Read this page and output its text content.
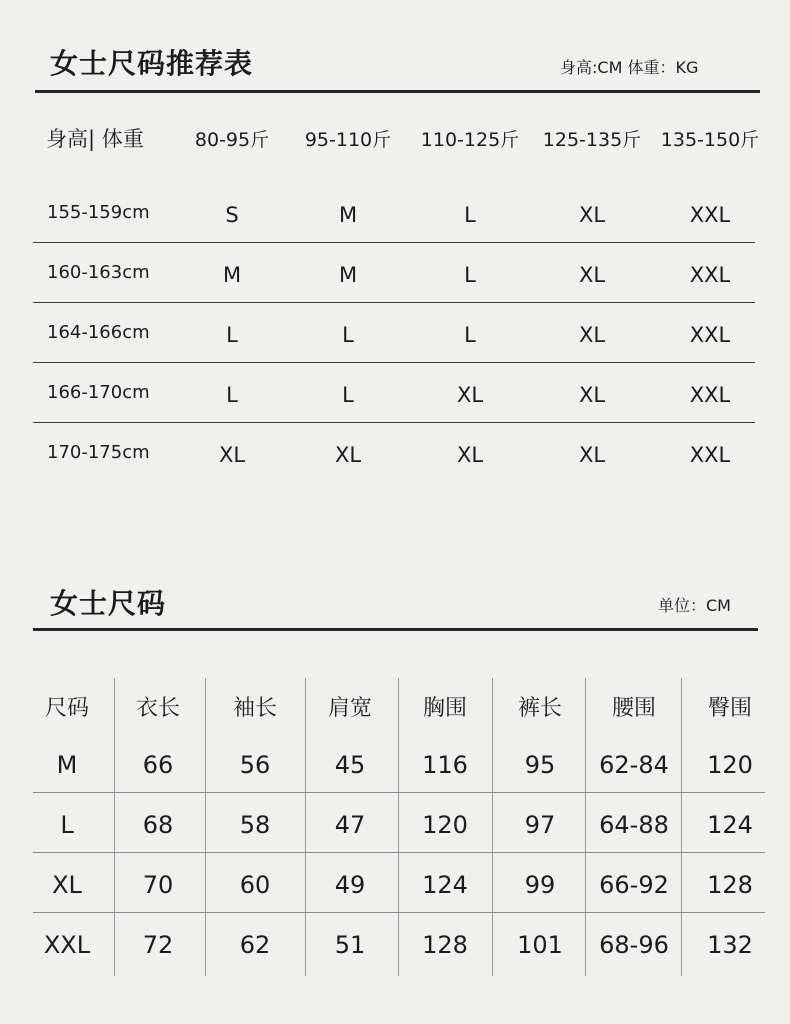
女士尺码推荐表	身高:CM 体重：KG
身高| 体重	80-95斤	95-110斤	110-125斤	125-135斤	135-150斤
155-159cm	S	M	L	XL	XXL
160-163cm	M	M	L	XL	XXL
164-166cm	L	L	L	XL	XXL
166-170cm	L	L	XL	XL	XXL
170-175cm	XL	XL	XL	XL	XXL
女士尺码	单位：CM
尺码	衣长	袖长	肩宽	胸围	裤长	腰围	臀围
M	66	56	45	116	95	62-84	120
L	68	58	47	120	97	64-88	124
XL	70	60	49	124	99	66-92	128
XXL	72	62	51	128	101	68-96	132
